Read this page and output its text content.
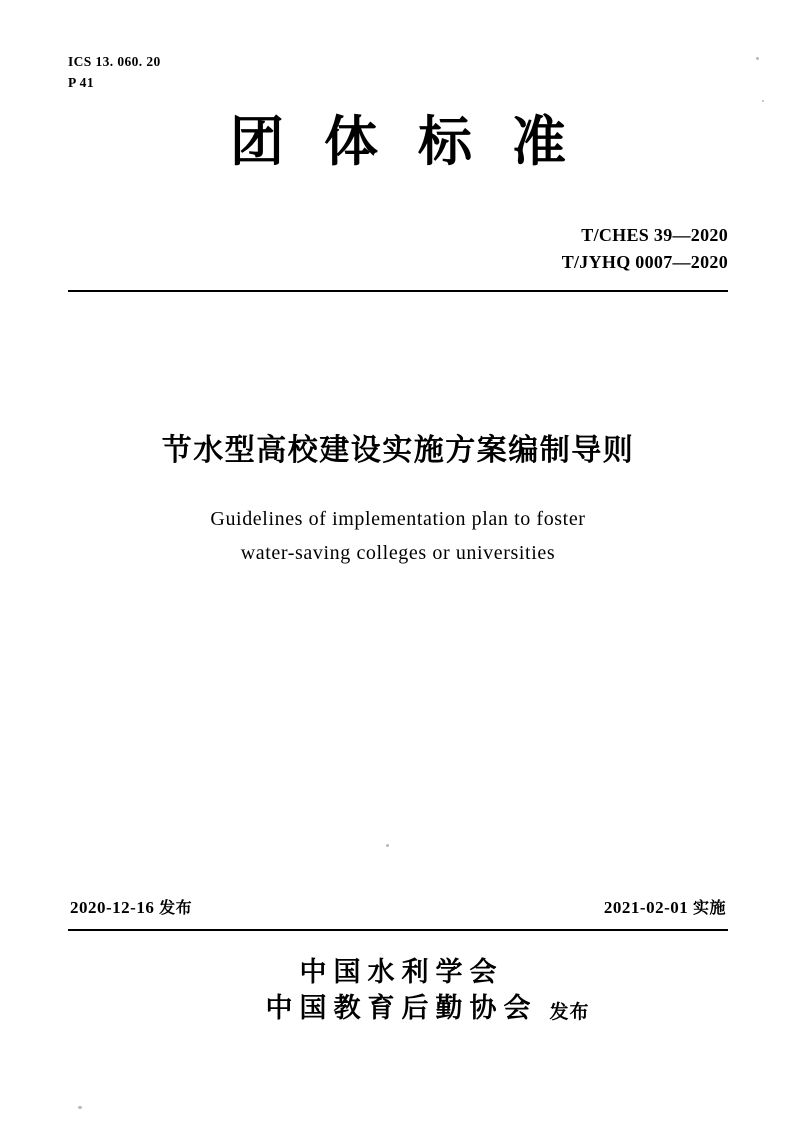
ICS 13. 060. 20
P 41
团体标准
T/CHES 39—2020
T/JYHQ 0007—2020
节水型高校建设实施方案编制导则
Guidelines of implementation plan to foster
water-saving colleges or universities
2020-12-16 发布	2021-02-01 实施
中国水利学会
中国教育后勤协会 发布
